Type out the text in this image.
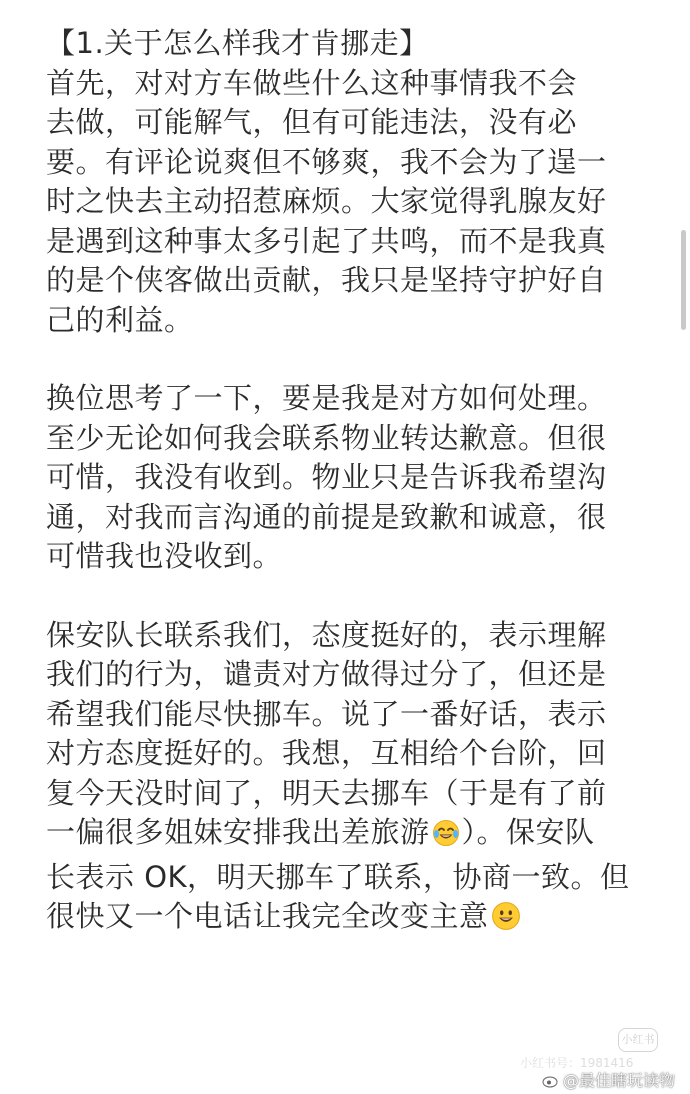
【1.关于怎么样我才肯挪走】
首先，对对方车做些什么这种事情我不会
去做，可能解气，但有可能违法，没有必
要。有评论说爽但不够爽，我不会为了逞一
时之快去主动招惹麻烦。大家觉得乳腺友好
是遇到这种事太多引起了共鸣，而不是我真
的是个侠客做出贡献，我只是坚持守护好自
己的利益。

换位思考了一下，要是我是对方如何处理。
至少无论如何我会联系物业转达歉意。但很
可惜，我没有收到。物业只是告诉我希望沟
通，对我而言沟通的前提是致歉和诚意，很
可惜我也没收到。

保安队长联系我们，态度挺好的，表示理解
我们的行为，谴责对方做得过分了，但还是
希望我们能尽快挪车。说了一番好话，表示
对方态度挺好的。我想，互相给个台阶，回
复今天没时间了，明天去挪车（于是有了前
一偏很多姐妹安排我出差旅游 ）。保安队
长表示 OK，明天挪车了联系，协商一致。但
很快又一个电话让我完全改变主意

小红书
小红书号：1981416
@最佳瞎玩读物
